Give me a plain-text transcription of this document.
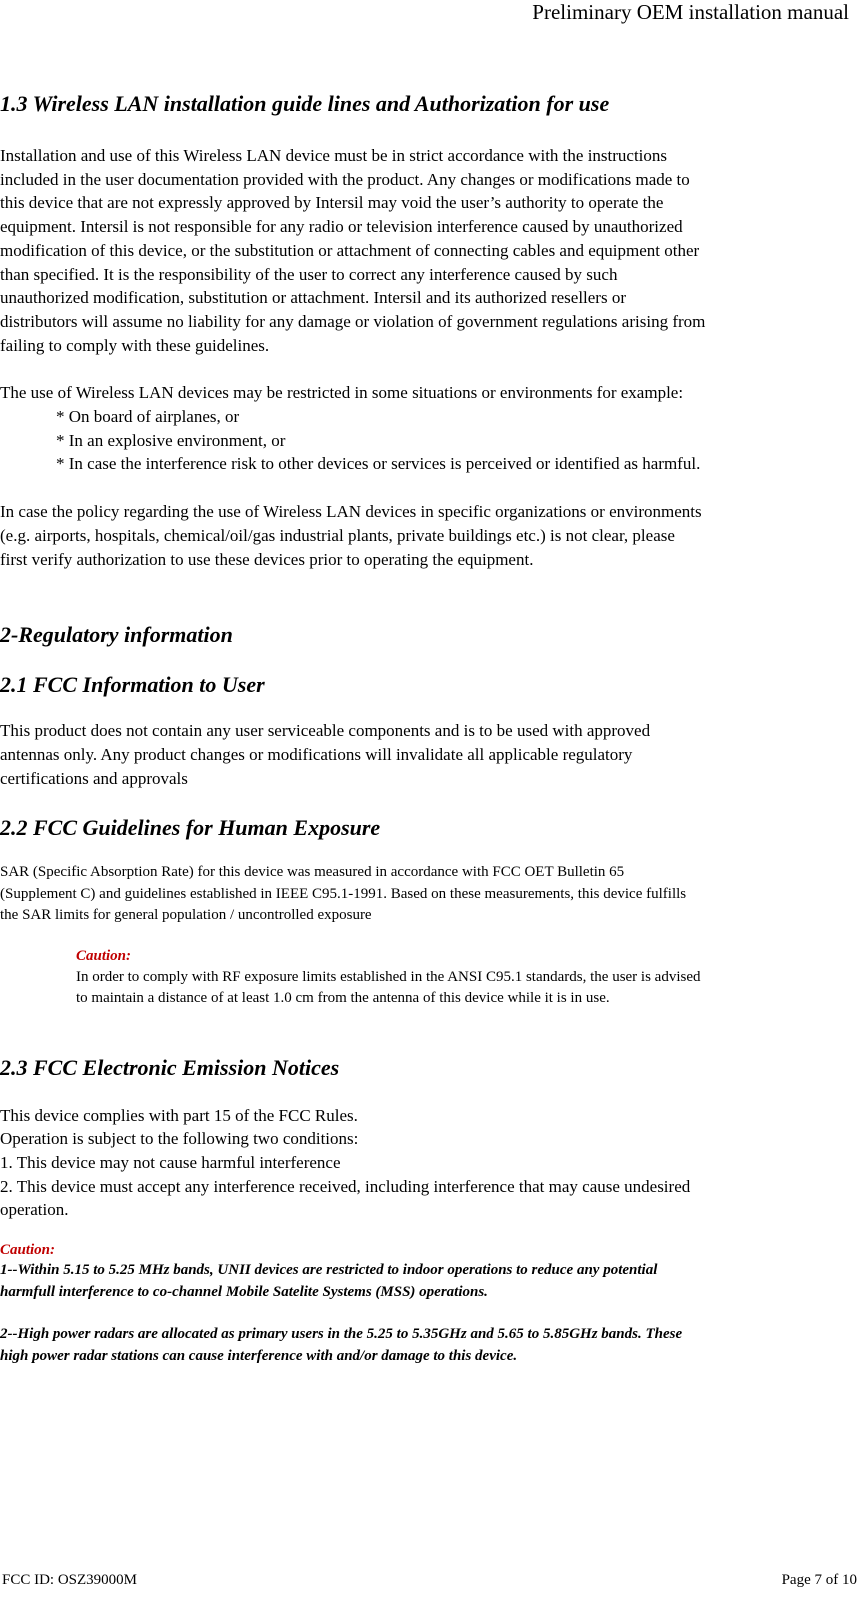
Preliminary OEM installation manual
1.3 Wireless LAN installation guide lines and Authorization for use

Installation and use of this Wireless LAN device must be in strict accordance with the instructions

included in the user documentation provided with the product. Any changes or modifications made to

this device that are not expressly approved by Intersil may void the user’s authority to operate the

equipment. Intersil is not responsible for any radio or television interference caused by unauthorized

modification of this device, or the substitution or attachment of connecting cables and equipment other

than specified. It is the responsibility of the user to correct any interference caused by such

unauthorized modification, substitution or attachment. Intersil and its authorized resellers or

distributors will assume no liability for any damage or violation of government regulations arising from

failing to comply with these guidelines.

The use of Wireless LAN devices may be restricted in some situations or environments for example:

* On board of airplanes, or

* In an explosive environment, or

* In case the interference risk to other devices or services is perceived or identified as harmful.

In case the policy regarding the use of Wireless LAN devices in specific organizations or environments

(e.g. airports, hospitals, chemical/oil/gas industrial plants, private buildings etc.) is not clear, please

first verify authorization to use these devices prior to operating the equipment.

2-Regulatory information
2.1 FCC Information to User

This product does not contain any user serviceable components and is to be used with approved

antennas only. Any product changes or modifications will invalidate all applicable regulatory

certifications and approvals

2.2 FCC Guidelines for Human Exposure

SAR (Specific Absorption Rate) for this device was measured in accordance with FCC OET Bulletin 65

(Supplement C) and guidelines established in IEEE C95.1-1991. Based on these measurements, this device fulfills

the SAR limits for general population / uncontrolled exposure

Caution:

In order to comply with RF exposure limits established in the ANSI C95.1 standards, the user is advised

to maintain a distance of at least 1.0 cm from the antenna of this device while it is in use.

2.3 FCC Electronic Emission Notices

This device complies with part 15 of the FCC Rules.

Operation is subject to the following two conditions:

1. This device may not cause harmful interference

2. This device must accept any interference received, including interference that may cause undesired

operation.

Caution:

1--Within 5.15 to 5.25 MHz bands, UNII devices are restricted to indoor operations to reduce any potential

harmfull interference to co-channel Mobile Satelite Systems (MSS) operations.

2--High power radars are allocated as primary users in the 5.25 to 5.35GHz and 5.65 to 5.85GHz bands. These

high power radar stations can cause interference with and/or damage to this device.

FCC ID: OSZ39000M	Page 7 of 10
